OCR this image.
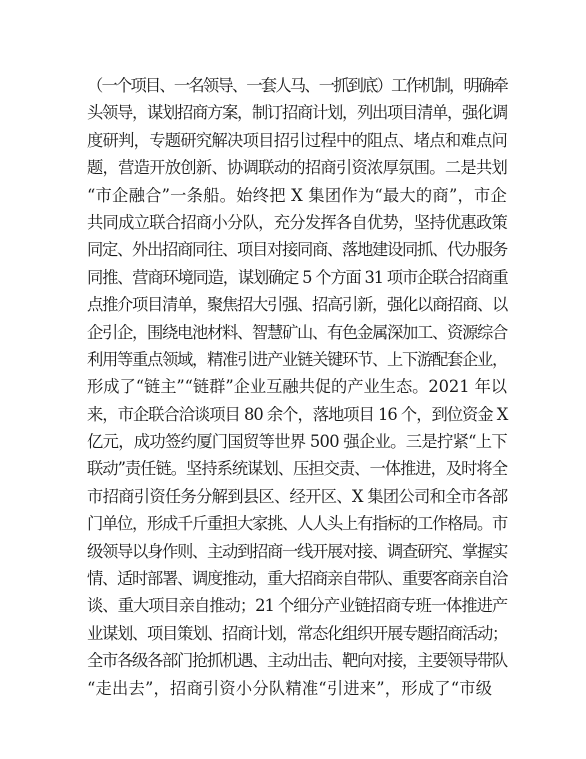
（一个项目、一名领导、一套人马、一抓到底）工作机制，明确牵
头领导，谋划招商方案，制订招商计划，列出项目清单，强化调
度研判，专题研究解决项目招引过程中的阻点、堵点和难点问
题，营造开放创新、协调联动的招商引资浓厚氛围。二是共划
“市企融合”一条船。始终把 X 集团作为“最大的商”，市企
共同成立联合招商小分队，充分发挥各自优势，坚持优惠政策
同定、外出招商同往、项目对接同商、落地建设同抓、代办服务
同推、营商环境同造，谋划确定 5 个方面 31 项市企联合招商重
点推介项目清单，聚焦招大引强、招高引新，强化以商招商、以
企引企，围绕电池材料、智慧矿山、有色金属深加工、资源综合
利用等重点领域，精准引进产业链关键环节、上下游配套企业，
形成了“链主”“链群”企业互融共促的产业生态。2021 年以
来，市企联合洽谈项目 80 余个，落地项目 16 个，到位资金 X
亿元，成功签约厦门国贸等世界 500 强企业。三是拧紧“上下
联动”责任链。坚持系统谋划、压担交责、一体推进，及时将全
市招商引资任务分解到县区、经开区、X 集团公司和全市各部
门单位，形成千斤重担大家挑、人人头上有指标的工作格局。市
级领导以身作则、主动到招商一线开展对接、调查研究、掌握实
情、适时部署、调度推动，重大招商亲自带队、重要客商亲自洽
谈、重大项目亲自推动；21 个细分产业链招商专班一体推进产
业谋划、项目策划、招商计划，常态化组织开展专题招商活动；
全市各级各部门抢抓机遇、主动出击、靶向对接，主要领导带队
“走出去”，招商引资小分队精准“引进来”，形成了“市级
